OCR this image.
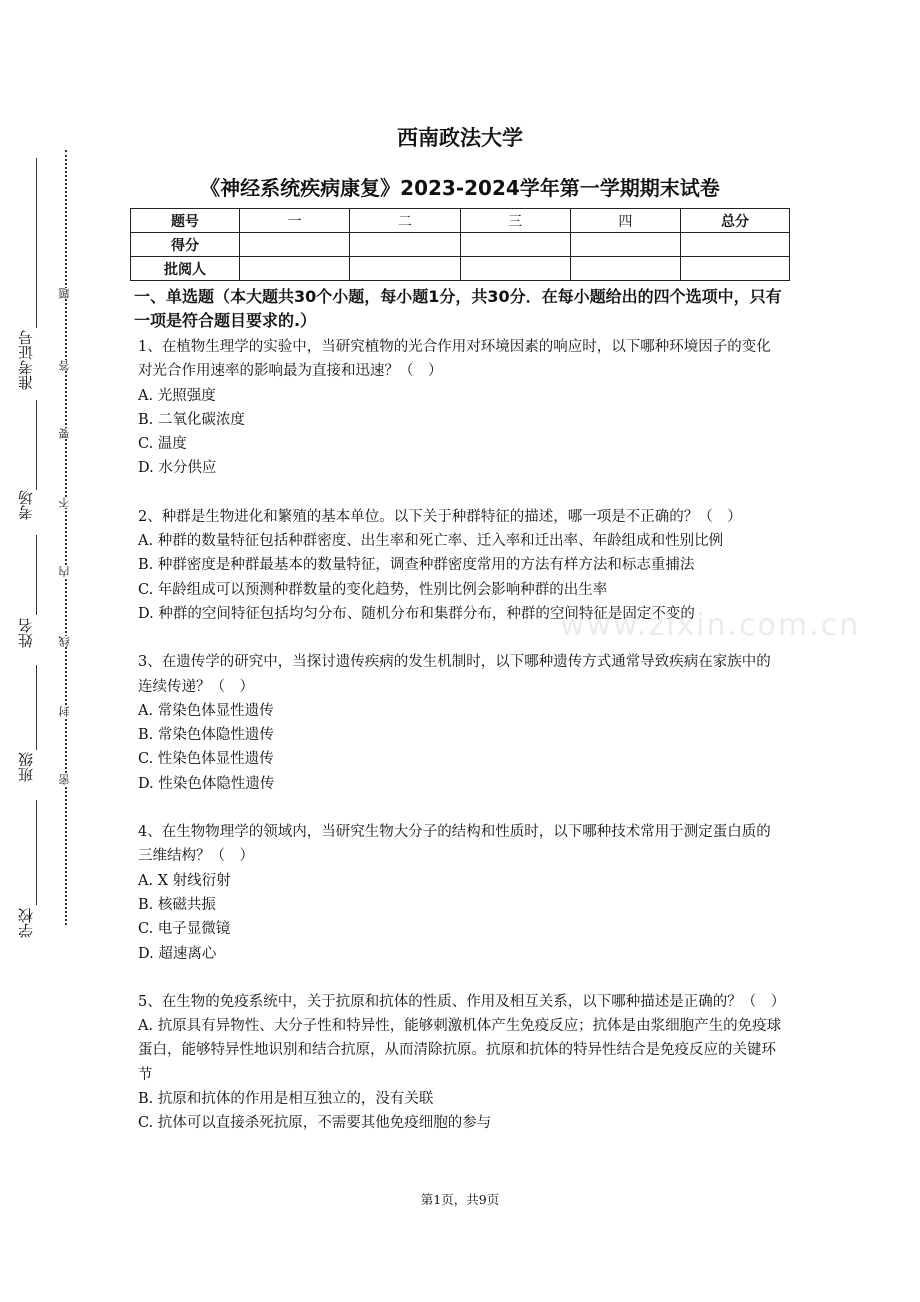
准考证号
考场
姓名
班级
学校
题
答
要
不
内
线
封
密
西南政法大学
《神经系统疾病康复》2023-2024学年第一学期期末试卷
题号	一	二	三	四	总分
得分					
批阅人					
一、单选题（本大题共30个小题，每小题1分，共30分．在每小题给出的四个选项中，只有一项是符合题目要求的.）

1、在植物生理学的实验中，当研究植物的光合作用对环境因素的响应时，以下哪种环境因子的变化对光合作用速率的影响最为直接和迅速？（　）

A. 光照强度

B. 二氧化碳浓度

C. 温度

D. 水分供应

2、种群是生物进化和繁殖的基本单位。以下关于种群特征的描述，哪一项是不正确的？（　）

A. 种群的数量特征包括种群密度、出生率和死亡率、迁入率和迁出率、年龄组成和性别比例

B. 种群密度是种群最基本的数量特征，调查种群密度常用的方法有样方法和标志重捕法

C. 年龄组成可以预测种群数量的变化趋势，性别比例会影响种群的出生率

D. 种群的空间特征包括均匀分布、随机分布和集群分布，种群的空间特征是固定不变的

3、在遗传学的研究中，当探讨遗传疾病的发生机制时，以下哪种遗传方式通常导致疾病在家族中的连续传递？（　）

A. 常染色体显性遗传

B. 常染色体隐性遗传

C. 性染色体显性遗传

D. 性染色体隐性遗传

4、在生物物理学的领域内，当研究生物大分子的结构和性质时，以下哪种技术常用于测定蛋白质的三维结构？（　）

A. X 射线衍射

B. 核磁共振

C. 电子显微镜

D. 超速离心

5、在生物的免疫系统中，关于抗原和抗体的性质、作用及相互关系，以下哪种描述是正确的？（　）

A. 抗原具有异物性、大分子性和特异性，能够刺激机体产生免疫反应；抗体是由浆细胞产生的免疫球蛋白，能够特异性地识别和结合抗原，从而清除抗原。抗原和抗体的特异性结合是免疫反应的关键环节

B. 抗原和抗体的作用是相互独立的，没有关联

C. 抗体可以直接杀死抗原，不需要其他免疫细胞的参与

www.zixin.com.cn
第1页，共9页
